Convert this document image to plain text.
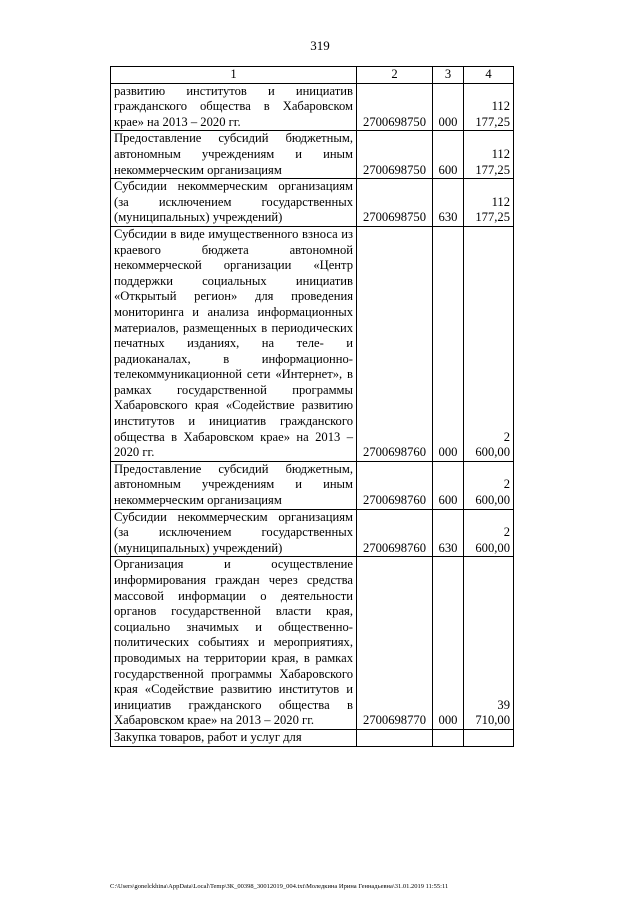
319
1	2	3	4
развитию институтов и инициатив гражданского общества в Хабаровском крае» на 2013 – 2020 гг.	2700698750	000	112 177,25
Предоставление субсидий бюджетным, автономным учреждениям и иным некоммерческим организациям	2700698750	600	112 177,25
Субсидии некоммерческим организациям (за исключением государственных (муниципальных) учреждений)	2700698750	630	112 177,25
Субсидии в виде имущественного взноса из краевого бюджета автономной некоммерческой организации «Центр поддержки социальных инициатив «Открытый регион» для проведения мониторинга и анализа информационных материалов, размещенных в периодических печатных изданиях, на теле- и радиоканалах, в информационно-телекоммуникационной сети «Интернет», в рамках государственной программы Хабаровского края «Содействие развитию институтов и инициатив гражданского общества в Хабаровском крае» на 2013 – 2020 гг.	2700698760	000	2 600,00
Предоставление субсидий бюджетным, автономным учреждениям и иным некоммерческим организациям	2700698760	600	2 600,00
Субсидии некоммерческим организациям (за исключением государственных (муниципальных) учреждений)	2700698760	630	2 600,00
Организация и осуществление информирования граждан через средства массовой информации о деятельности органов государственной власти края, социально значимых и общественно-политических событиях и мероприятиях, проводимых на территории края, в рамках государственной программы Хабаровского края «Содействие развитию институтов и инициатив гражданского общества в Хабаровском крае» на 2013 – 2020 гг.	2700698770	000	39 710,00
Закупка товаров, работ и услуг для			
C:\Users\gonelckhina\AppData\Local\Temp\ЗК_00398_30012019_004.txt\Моледкина Ирина Геннадьевна\31.01.2019 11:55:11
